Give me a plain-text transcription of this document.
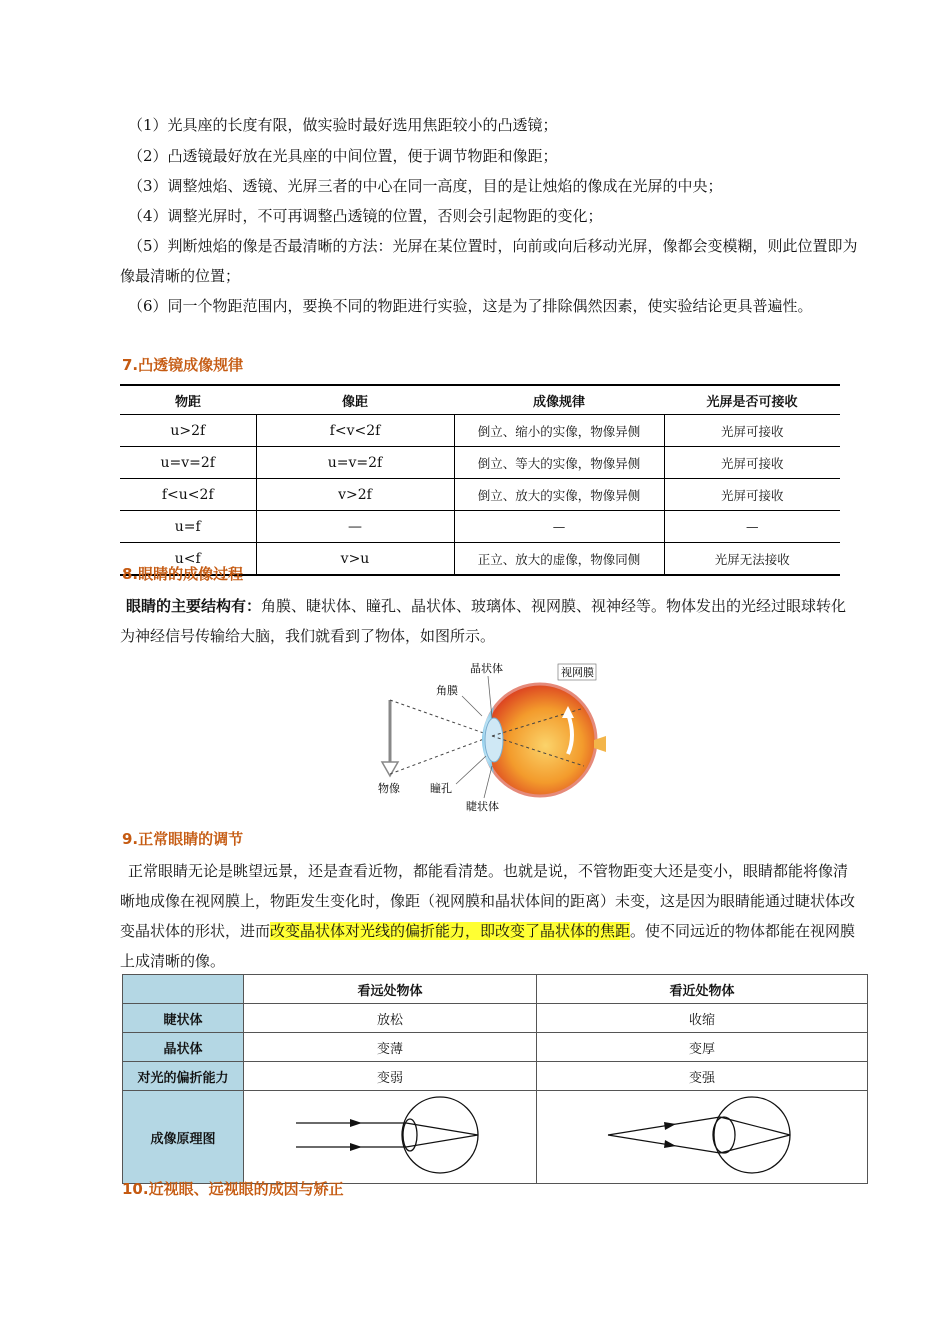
（1）光具座的长度有限，做实验时最好选用焦距较小的凸透镜；

（2）凸透镜最好放在光具座的中间位置，便于调节物距和像距；

（3）调整烛焰、透镜、光屏三者的中心在同一高度，目的是让烛焰的像成在光屏的中央；

（4）调整光屏时，不可再调整凸透镜的位置，否则会引起物距的变化；

（5）判断烛焰的像是否最清晰的方法：光屏在某位置时，向前或向后移动光屏，像都会变模糊，则此位置即为像最清晰的位置；

（6）同一个物距范围内，要换不同的物距进行实验，这是为了排除偶然因素，使实验结论更具普遍性。

7.凸透镜成像规律
物距	像距	成像规律	光屏是否可接收
u>2f	f<v<2f	倒立、缩小的实像，物像异侧	光屏可接收
u=v=2f	u=v=2f	倒立、等大的实像，物像异侧	光屏可接收
f<u<2f	v>2f	倒立、放大的实像，物像异侧	光屏可接收
u=f	—	—	—
u<f	v>u	正立、放大的虚像，物像同侧	光屏无法接收
8.眼睛的成像过程

眼睛的主要结构有：角膜、睫状体、瞳孔、晶状体、玻璃体、视网膜、视神经等。物体发出的光经过眼球转化为神经信号传输给大脑，我们就看到了物体，如图所示。

晶状体	视网膜
角膜
物像	瞳孔
睫状体
9.正常眼睛的调节

正常眼睛无论是眺望远景，还是查看近物，都能看清楚。也就是说，不管物距变大还是变小，眼睛都能将像清晰地成像在视网膜上，物距发生变化时，像距（视网膜和晶状体间的距离）未变，这是因为眼睛能通过睫状体改变晶状体的形状，进而改变晶状体对光线的偏折能力，即改变了晶状体的焦距。使不同远近的物体都能在视网膜上成清晰的像。

	看远处物体	看近处物体
睫状体	放松	收缩
晶状体	变薄	变厚
对光的偏折能力	变弱	变强
成像原理图		
10.近视眼、远视眼的成因与矫正
